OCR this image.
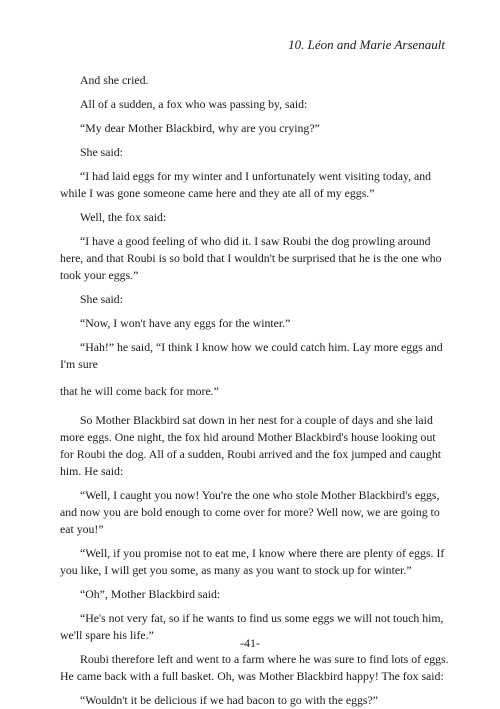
10. Léon and Marie Arsenault

And she cried.

All of a sudden, a fox who was passing by, said:

“My dear Mother Blackbird, why are you crying?”

She said:

“I had laid eggs for my winter and I unfortunately went visiting today, and while I was gone someone came here and they ate all of my eggs.”

Well, the fox said:

“I have a good feeling of who did it. I saw Roubi the dog prowling around here, and that Roubi is so bold that I wouldn't be surprised that he is the one who took your eggs.”

She said:

“Now, I won't have any eggs for the winter.”

“Hah!” he said, “I think I know how we could catch him. Lay more eggs and I'm sure

that he will come back for more.”

So Mother Blackbird sat down in her nest for a couple of days and she laid more eggs. One night, the fox hid around Mother Blackbird's house looking out for Roubi the dog. All of a sudden, Roubi arrived and the fox jumped and caught him. He said:

“Well, I caught you now! You're the one who stole Mother Blackbird's eggs, and now you are bold enough to come over for more? Well now, we are going to eat you!”

“Well, if you promise not to eat me, I know where there are plenty of eggs. If you like, I will get you some, as many as you want to stock up for winter.”

“Oh”, Mother Blackbird said:

“He's not very fat, so if he wants to find us some eggs we will not touch him, we'll spare his life.”

Roubi therefore left and went to a farm where he was sure to find lots of eggs. He came back with a full basket. Oh, was Mother Blackbird happy! The fox said:

“Wouldn't it be delicious if we had bacon to go with the eggs?”

-41-
